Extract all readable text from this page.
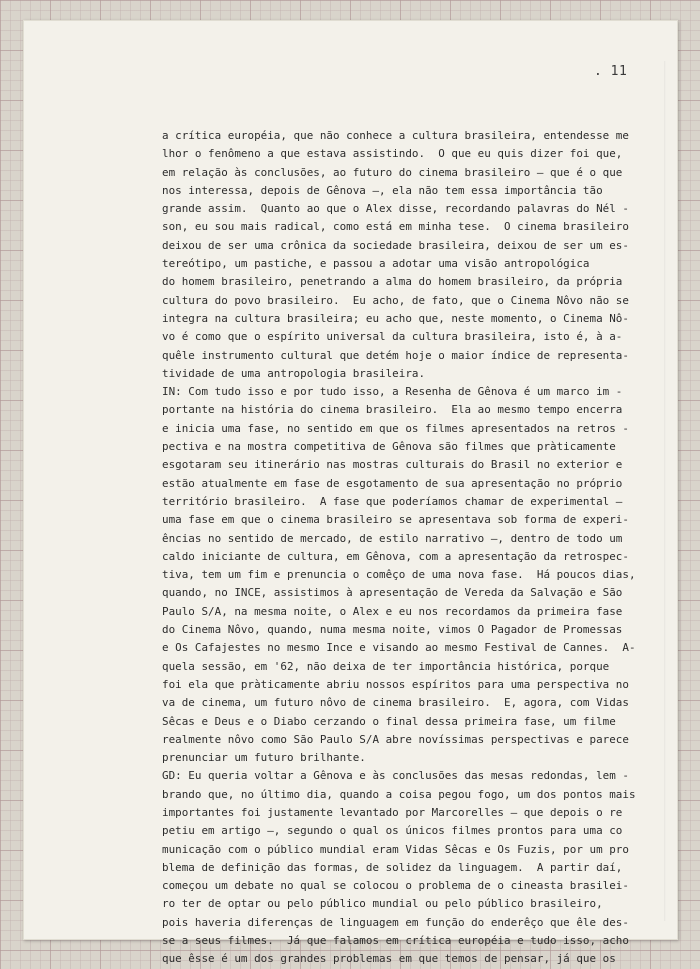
. 11
a crítica européia, que não conhece a cultura brasileira, entendesse me
lhor o fenômeno a que estava assistindo.  O que eu quis dizer foi que,
em relação às conclusões, ao futuro do cinema brasileiro — que é o que
nos interessa, depois de Gênova —, ela não tem essa importância tão
grande assim.  Quanto ao que o Alex disse, recordando palavras do Nél -
son, eu sou mais radical, como está em minha tese.  O cinema brasileiro
deixou de ser uma crônica da sociedade brasileira, deixou de ser um es-
tereótipo, um pastiche, e passou a adotar uma visão antropológica
do homem brasileiro, penetrando a alma do homem brasileiro, da própria
cultura do povo brasileiro.  Eu acho, de fato, que o Cinema Nôvo não se
integra na cultura brasileira; eu acho que, neste momento, o Cinema Nô-
vo é como que o espírito universal da cultura brasileira, isto é, à a-
quêle instrumento cultural que detém hoje o maior índice de representa-
tividade de uma antropologia brasileira.
IN: Com tudo isso e por tudo isso, a Resenha de Gênova é um marco im -
portante na história do cinema brasileiro.  Ela ao mesmo tempo encerra
e inicia uma fase, no sentido em que os filmes apresentados na retros -
pectiva e na mostra competitiva de Gênova são filmes que pràticamente
esgotaram seu itinerário nas mostras culturais do Brasil no exterior e
estão atualmente em fase de esgotamento de sua apresentação no próprio
território brasileiro.  A fase que poderíamos chamar de experimental —
uma fase em que o cinema brasileiro se apresentava sob forma de experi-
ências no sentido de mercado, de estilo narrativo —, dentro de todo um
caldo iniciante de cultura, em Gênova, com a apresentação da retrospec-
tiva, tem um fim e prenuncia o comêço de uma nova fase.  Há poucos dias,
quando, no INCE, assistimos à apresentação de Vereda da Salvação e São
Paulo S/A, na mesma noite, o Alex e eu nos recordamos da primeira fase
do Cinema Nôvo, quando, numa mesma noite, vimos O Pagador de Promessas
e Os Cafajestes no mesmo Ince e visando ao mesmo Festival de Cannes.  A-
quela sessão, em '62, não deixa de ter importância histórica, porque
foi ela que pràticamente abriu nossos espíritos para uma perspectiva no
va de cinema, um futuro nôvo de cinema brasileiro.  E, agora, com Vidas
Sêcas e Deus e o Diabo cerzando o final dessa primeira fase, um filme
realmente nôvo como São Paulo S/A abre novíssimas perspectivas e parece
prenunciar um futuro brilhante.
GD: Eu queria voltar a Gênova e às conclusões das mesas redondas, lem -
brando que, no último dia, quando a coisa pegou fogo, um dos pontos mais
importantes foi justamente levantado por Marcorelles — que depois o re
petiu em artigo —, segundo o qual os únicos filmes prontos para uma co
municação com o público mundial eram Vidas Sêcas e Os Fuzis, por um pro
blema de definição das formas, de solidez da linguagem.  A partir daí,
começou um debate no qual se colocou o problema de o cineasta brasilei-
ro ter de optar ou pelo público mundial ou pelo público brasileiro,
pois haveria diferenças de linguagem em função do enderêço que êle des-
se a seus filmes.  Já que falamos em crítica européia e tudo isso, acho
que êsse é um dos grandes problemas em que temos de pensar, já que os
